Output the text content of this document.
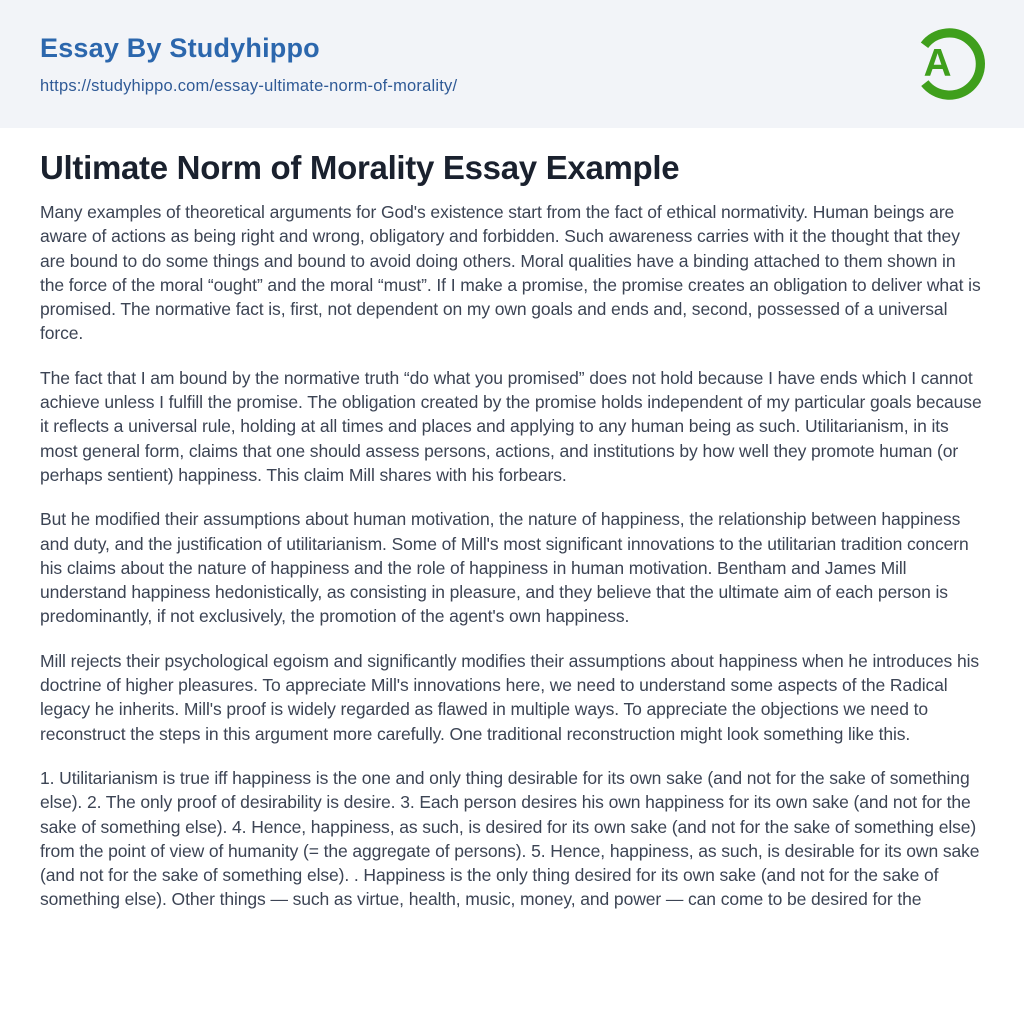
Essay By Studyhippo
https://studyhippo.com/essay-ultimate-norm-of-morality/
A
Ultimate Norm of Morality Essay Example

Many examples of theoretical arguments for God's existence start from the fact of ethical normativity. Human beings are aware of actions as being right and wrong, obligatory and forbidden. Such awareness carries with it the thought that they are bound to do some things and bound to avoid doing others. Moral qualities have a binding attached to them shown in the force of the moral “ought” and the moral “must”. If I make a promise, the promise creates an obligation to deliver what is promised. The normative fact is, first, not dependent on my own goals and ends and, second, possessed of a universal force.

The fact that I am bound by the normative truth “do what you promised” does not hold because I have ends which I cannot achieve unless I fulfill the promise. The obligation created by the promise holds independent of my particular goals because it reflects a universal rule, holding at all times and places and applying to any human being as such. Utilitarianism, in its most general form, claims that one should assess persons, actions, and institutions by how well they promote human (or perhaps sentient) happiness. This claim Mill shares with his forbears.

But he modified their assumptions about human motivation, the nature of happiness, the relationship between happiness and duty, and the justification of utilitarianism. Some of Mill's most significant innovations to the utilitarian tradition concern his claims about the nature of happiness and the role of happiness in human motivation. Bentham and James Mill understand happiness hedonistically, as consisting in pleasure, and they believe that the ultimate aim of each person is predominantly, if not exclusively, the promotion of the agent's own happiness.

Mill rejects their psychological egoism and significantly modifies their assumptions about happiness when he introduces his doctrine of higher pleasures. To appreciate Mill's innovations here, we need to understand some aspects of the Radical legacy he inherits. Mill's proof is widely regarded as flawed in multiple ways. To appreciate the objections we need to reconstruct the steps in this argument more carefully. One traditional reconstruction might look something like this.

1. Utilitarianism is true iff happiness is the one and only thing desirable for its own sake (and not for the sake of something else). 2. The only proof of desirability is desire. 3. Each person desires his own happiness for its own sake (and not for the sake of something else). 4. Hence, happiness, as such, is desired for its own sake (and not for the sake of something else) from the point of view of humanity (= the aggregate of persons). 5. Hence, happiness, as such, is desirable for its own sake (and not for the sake of something else). . Happiness is the only thing desired for its own sake (and not for the sake of something else). Other things — such as virtue, health, music, money, and power — can come to be desired for the
